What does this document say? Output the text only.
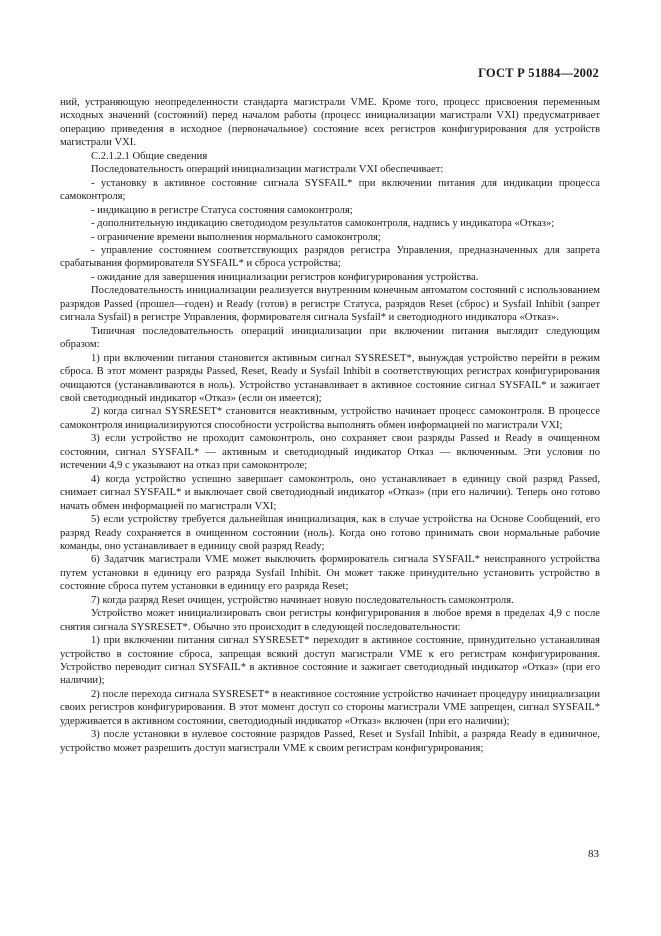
ГОСТ Р 51884—2002

ний, устраняющую неопределенности стандарта магистрали VME. Кроме того, процесс присвоения переменным исходных значений (состояний) перед началом работы (процесс инициализации магистрали VXI) предусматривает операцию приведения в исходное (первоначальное) состояние всех регистров конфигурирования для устройств магистрали VXI.

С.2.1.2.1 Общие сведения

Последовательность операций инициализации магистрали VXI обеспечивает:

- установку в активное состояние сигнала SYSFAIL* при включении питания для индикации процесса самоконтроля;

- индикацию в регистре Статуса состояния самоконтроля;

- дополнительную индикацию светодиодом результатов самоконтроля, надпись у индикатора «Отказ»;

- ограничение времени выполнения нормального самоконтроля;

- управление состоянием соответствующих разрядов регистра Управления, предназначенных для запрета срабатывания формирователя SYSFAIL* и сброса устройства;

- ожидание для завершения инициализации регистров конфигурирования устройства.

Последовательность инициализации реализуется внутренним конечным автоматом состояний с использованием разрядов Passed (прошел—годен) и Ready (готов) в регистре Статуса, разрядов Reset (сброс) и Sysfail Inhibit (запрет сигнала Sysfail) в регистре Управления, формирователя сигнала Sysfail* и светодиодного индикатора «Отказ».

Типичная последовательность операций инициализации при включении питания выглядит следующим образом:

1) при включении питания становится активным сигнал SYSRESET*, вынуждая устройство перейти в режим сброса. В этот момент разряды Passed, Reset, Ready и Sysfail Inhibit в соответствующих регистрах конфигурирования очищаются (устанавливаются в ноль). Устройство устанавливает в активное состояние сигнал SYSFAIL* и зажигает свой светодиодный индикатор «Отказ» (если он имеется);

2) когда сигнал SYSRESET* становится неактивным, устройство начинает процесс самоконтроля. В процессе самоконтроля инициализируются способности устройства выполнять обмен информацией по магистрали VXI;

3) если устройство не проходит самоконтроль, оно сохраняет свои разряды Passed и Ready в очищенном состоянии, сигнал SYSFAIL* — активным и светодиодный индикатор Отказ — включенным. Эти условия по истечении 4,9 с указывают на отказ при самоконтроле;

4) когда устройство успешно завершает самоконтроль, оно устанавливает в единицу свой разряд Passed, снимает сигнал SYSFAIL* и выключает свой светодиодный индикатор «Отказ» (при его наличии). Теперь оно готово начать обмен информацией по магистрали VXI;

5) если устройству требуется дальнейшая инициализация, как в случае устройства на Основе Сообщений, его разряд Ready сохраняется в очищенном состоянии (ноль). Когда оно готово принимать свои нормальные рабочие команды, оно устанавливает в единицу свой разряд Ready;

6) Задатчик магистрали VME может выключить формирователь сигнала SYSFAIL* неисправного устройства путем установки в единицу его разряда Sysfail Inhibit. Он может также принудительно установить устройство в состояние сброса путем установки в единицу его разряда Reset;

7) когда разряд Reset очищен, устройство начинает новую последовательность самоконтроля.

Устройство может инициализировать свои регистры конфигурирования в любое время в пределах 4,9 с после снятия сигнала SYSRESET*. Обычно это происходит в следующей последовательности:

1) при включении питания сигнал SYSRESET* переходит в активное состояние, принудительно устанавливая устройство в состояние сброса, запрещая всякий доступ магистрали VME к его регистрам конфигурирования. Устройство переводит сигнал SYSFAIL* в активное состояние и зажигает светодиодный индикатор «Отказ» (при его наличии);

2) после перехода сигнала SYSRESET* в неактивное состояние устройство начинает процедуру инициализации своих регистров конфигурирования. В этот момент доступ со стороны магистрали VME запрещен, сигнал SYSFAIL* удерживается в активном состоянии, светодиодный индикатор «Отказ» включен (при его наличии);

3) после установки в нулевое состояние разрядов Passed, Reset и Sysfail Inhibit, а разряда Ready в единичное, устройство может разрешить доступ магистрали VME к своим регистрам конфигурирования;

83
